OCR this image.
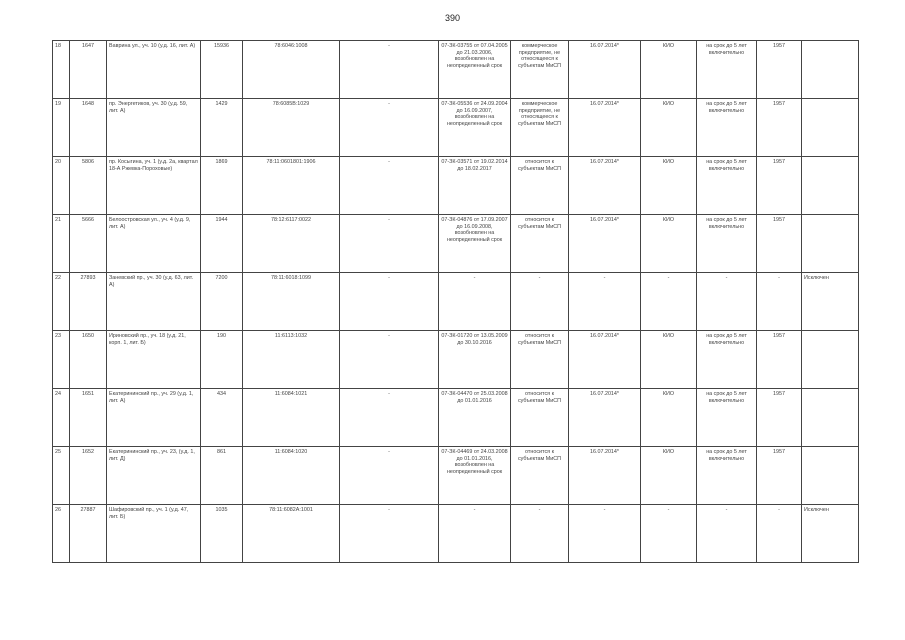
390
18	1647	Ваврина ул., уч. 10 (у.д. 16, лит. А)	15936	78:6046:1008	-	07-ЗК-03755 от 07.04.2005 до 21.03.2006, возобновлен на неопределенный срок	коммерческое предприятие, не относящееся к субъектам МиСП	16.07.2014*	КИО	на срок до 5 лет включительно	1957	
19	1648	пр. Энергетиков, уч. 30 (у.д. 59, лит. А)	1429	78:6085В:1029	-	07-ЗК-05536 от 24.09.2004 до 16.09.2007, возобновлен на неопределенный срок	коммерческое предприятие, не относящееся к субъектам МиСП	16.07.2014*	КИО	на срок до 5 лет включительно	1957	
20	5806	пр. Косыгина, уч. 1 (у.д. 2а, квартал 18-А Ржевка-Пороховые)	1869	78:11:0601801:1906	-	07-ЗК-03571 от 19.02.2014 до 18.02.2017	относится к субъектам МиСП	16.07.2014*	КИО	на срок до 5 лет включительно	1957	
21	5666	Белоостровская ул., уч. 4 (у.д. 9, лит. А)	1944	78:12:6117:0022	-	07-ЗК-04876 от 17.09.2007 до 16.09.2008, возобновлен на неопределенный срок	относится к субъектам МиСП	16.07.2014*	КИО	на срок до 5 лет включительно	1957	
22	27893	Заневский пр., уч. 30 (у.д. 63, лит. А)	7200	78:11:6018:1099	-	-	-	-	-	-	-	Исключен
23	1650	Ириновский пр., уч. 18 (у.д. 21, корп. 1, лит. Б)	190	11:6113:1032	-	07-ЗК-01720 от 13.05.2009 до 30.10.2016	относится к субъектам МиСП	16.07.2014*	КИО	на срок до 5 лет включительно	1957	
24	1651	Екатерининский пр., уч. 29 (у.д. 1, лит. А)	434	11:6084:1021	-	07-ЗК-04470 от 25.03.2008 до 01.01.2016	относится к субъектам МиСП	16.07.2014*	КИО	на срок до 5 лет включительно	1957	
25	1652	Екатерининский пр., уч. 23, (у.д. 1, лит. Д)	861	11:6084:1020	-	07-ЗК-04469 от 24.03.2008 до 01.01.2016, возобновлен на неопределенный срок	относится к субъектам МиСП	16.07.2014*	КИО	на срок до 5 лет включительно	1957	
26	27887	Шафировский пр., уч. 1 (у.д. 47, лит. Б)	1035	78:11:6082А:1001	-	-	-	-	-	-	-	Исключен
